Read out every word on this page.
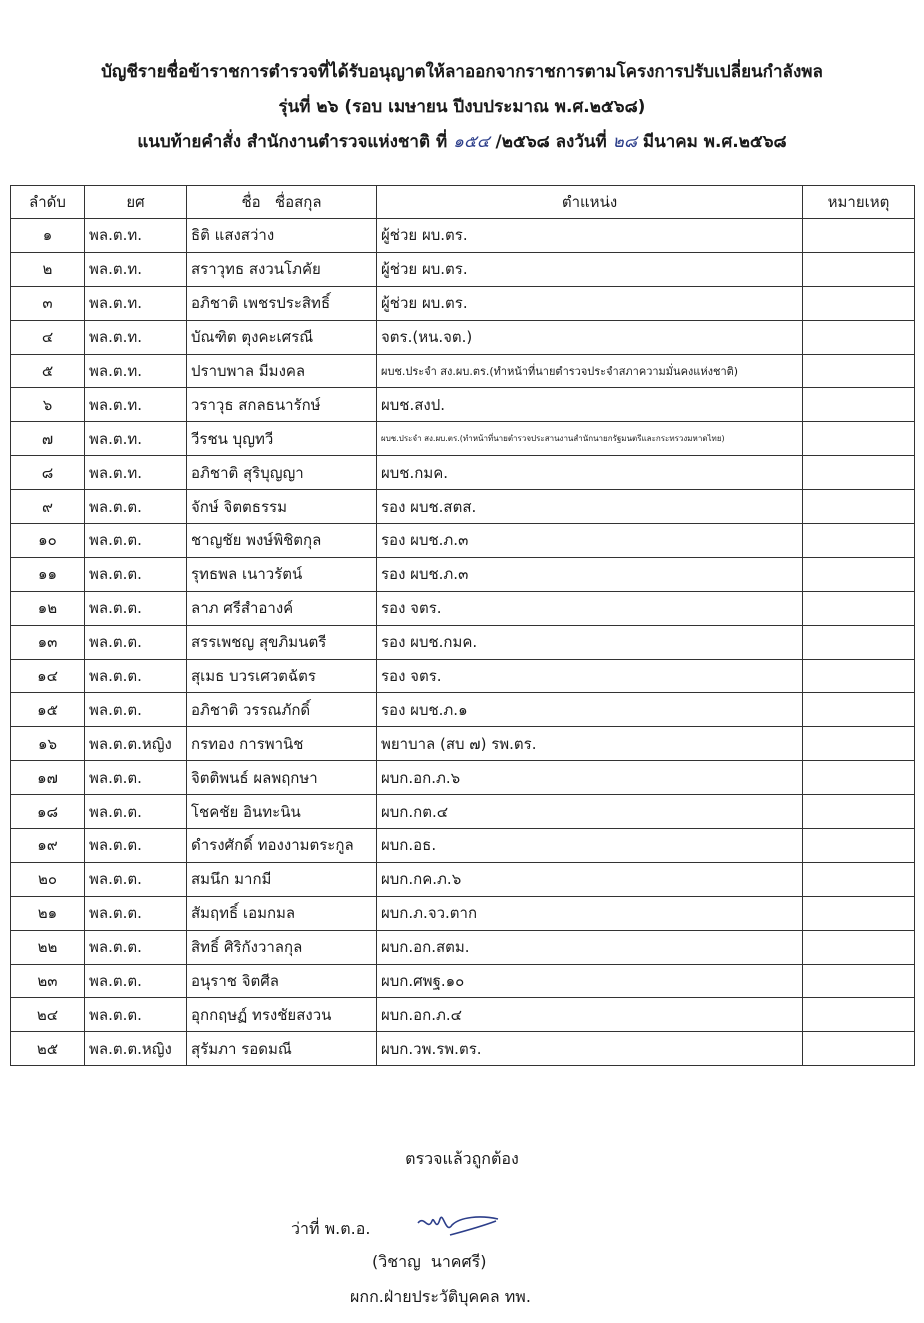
บัญชีรายชื่อข้าราชการตำรวจที่ได้รับอนุญาตให้ลาออกจากราชการตามโครงการปรับเปลี่ยนกำลังพล
รุ่นที่ ๒๖ (รอบ เมษายน ปีงบประมาณ พ.ศ.๒๕๖๘)
แนบท้ายคำสั่ง สำนักงานตำรวจแห่งชาติ ที่ ๑๕๔ /๒๕๖๘ ลงวันที่ ๒๘ มีนาคม พ.ศ.๒๕๖๘
ลำดับ	ยศ	ชื่อ   ชื่อสกุล	ตำแหน่ง	หมายเหตุ
๑	พล.ต.ท.	ธิติ แสงสว่าง	ผู้ช่วย ผบ.ตร.	
๒	พล.ต.ท.	สราวุทธ สงวนโภคัย	ผู้ช่วย ผบ.ตร.	
๓	พล.ต.ท.	อภิชาติ เพชรประสิทธิ์	ผู้ช่วย ผบ.ตร.	
๔	พล.ต.ท.	บัณฑิต ตุงคะเศรณี	จตร.(หน.จต.)	
๕	พล.ต.ท.	ปราบพาล มีมงคล	ผบช.ประจำ สง.ผบ.ตร.(ทำหน้าที่นายตำรวจประจำสภาความมั่นคงแห่งชาติ)	
๖	พล.ต.ท.	วราวุธ สกลธนารักษ์	ผบช.สงป.	
๗	พล.ต.ท.	วีรชน บุญทวี	ผบช.ประจำ สง.ผบ.ตร.(ทำหน้าที่นายตำรวจประสานงานสำนักนายกรัฐมนตรีและกระทรวงมหาดไทย)	
๘	พล.ต.ท.	อภิชาติ สุริบุญญา	ผบช.กมค.	
๙	พล.ต.ต.	จักษ์ จิตตธรรม	รอง ผบช.สตส.	
๑๐	พล.ต.ต.	ชาญชัย พงษ์พิชิตกุล	รอง ผบช.ภ.๓	
๑๑	พล.ต.ต.	รุทธพล เนาวรัตน์	รอง ผบช.ภ.๓	
๑๒	พล.ต.ต.	ลาภ ศรีสำอางค์	รอง จตร.	
๑๓	พล.ต.ต.	สรรเพชญ สุขภิมนตรี	รอง ผบช.กมค.	
๑๔	พล.ต.ต.	สุเมธ บวรเศวตฉัตร	รอง จตร.	
๑๕	พล.ต.ต.	อภิชาติ วรรณภักดิ์	รอง ผบช.ภ.๑	
๑๖	พล.ต.ต.หญิง	กรทอง การพานิช	พยาบาล (สบ ๗) รพ.ตร.	
๑๗	พล.ต.ต.	จิตติพนธ์ ผลพฤกษา	ผบก.อก.ภ.๖	
๑๘	พล.ต.ต.	โชคชัย อินทะนิน	ผบก.กต.๔	
๑๙	พล.ต.ต.	ดำรงศักดิ์ ทองงามตระกูล	ผบก.อธ.	
๒๐	พล.ต.ต.	สมนึก มากมี	ผบก.กค.ภ.๖	
๒๑	พล.ต.ต.	สัมฤทธิ์ เอมกมล	ผบก.ภ.จว.ตาก	
๒๒	พล.ต.ต.	สิทธิ์ ศิริกังวาลกุล	ผบก.อก.สตม.	
๒๓	พล.ต.ต.	อนุราช จิตศีล	ผบก.ศพฐ.๑๐	
๒๔	พล.ต.ต.	อุกกฤษฏ์ ทรงชัยสงวน	ผบก.อก.ภ.๔	
๒๕	พล.ต.ต.หญิง	สุรัมภา รอดมณี	ผบก.วพ.รพ.ตร.	
ตรวจแล้วถูกต้อง
ว่าที่ พ.ต.อ.
(วิชาญ  นาคศรี)
ผกก.ฝ่ายประวัติบุคคล ทพ.
